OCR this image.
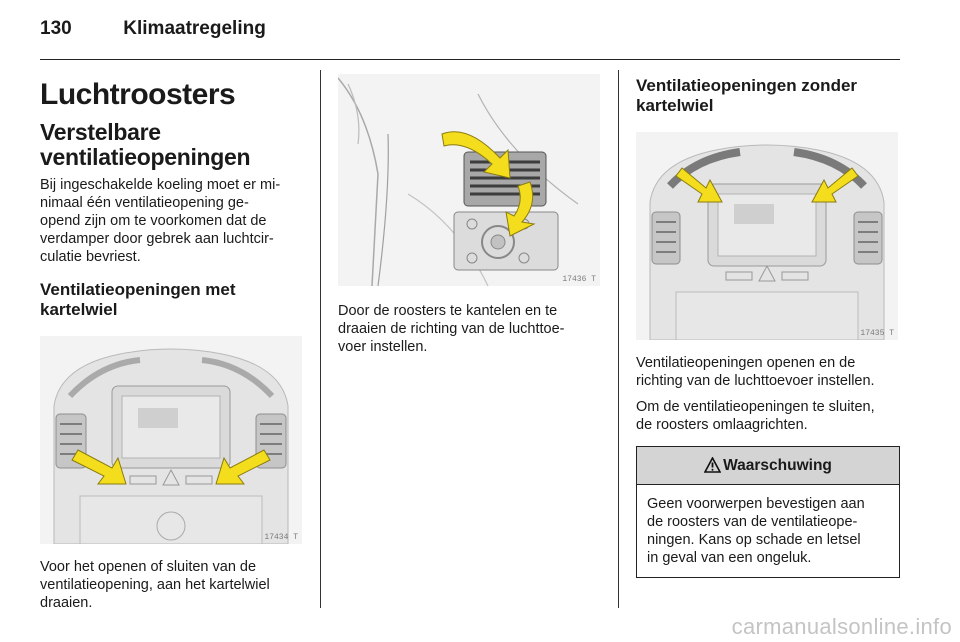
130	Klimaatregeling
Luchtroosters
Verstelbare ventilatieopeningen

Bij ingeschakelde koeling moet er mi-
nimaal één ventilatieopening ge-
opend zijn om te voorkomen dat de
verdamper door gebrek aan luchtcir-
culatie bevriest.

Ventilatieopeningen met
kartelwiel
17434 T

Voor het openen of sluiten van de
ventilatieopening, aan het kartelwiel
draaien.

17436 T

Door de roosters te kantelen en te
draaien de richting van de luchttoe-
voer instellen.

Ventilatieopeningen zonder
kartelwiel
17435 T

Ventilatieopeningen openen en de
richting van de luchttoevoer instellen.

Om de ventilatieopeningen te sluiten,
de roosters omlaagrichten.

Waarschuwing
Geen voorwerpen bevestigen aan
de roosters van de ventilatieope-
ningen. Kans op schade en letsel
in geval van een ongeluk.
carmanualsonline.info
